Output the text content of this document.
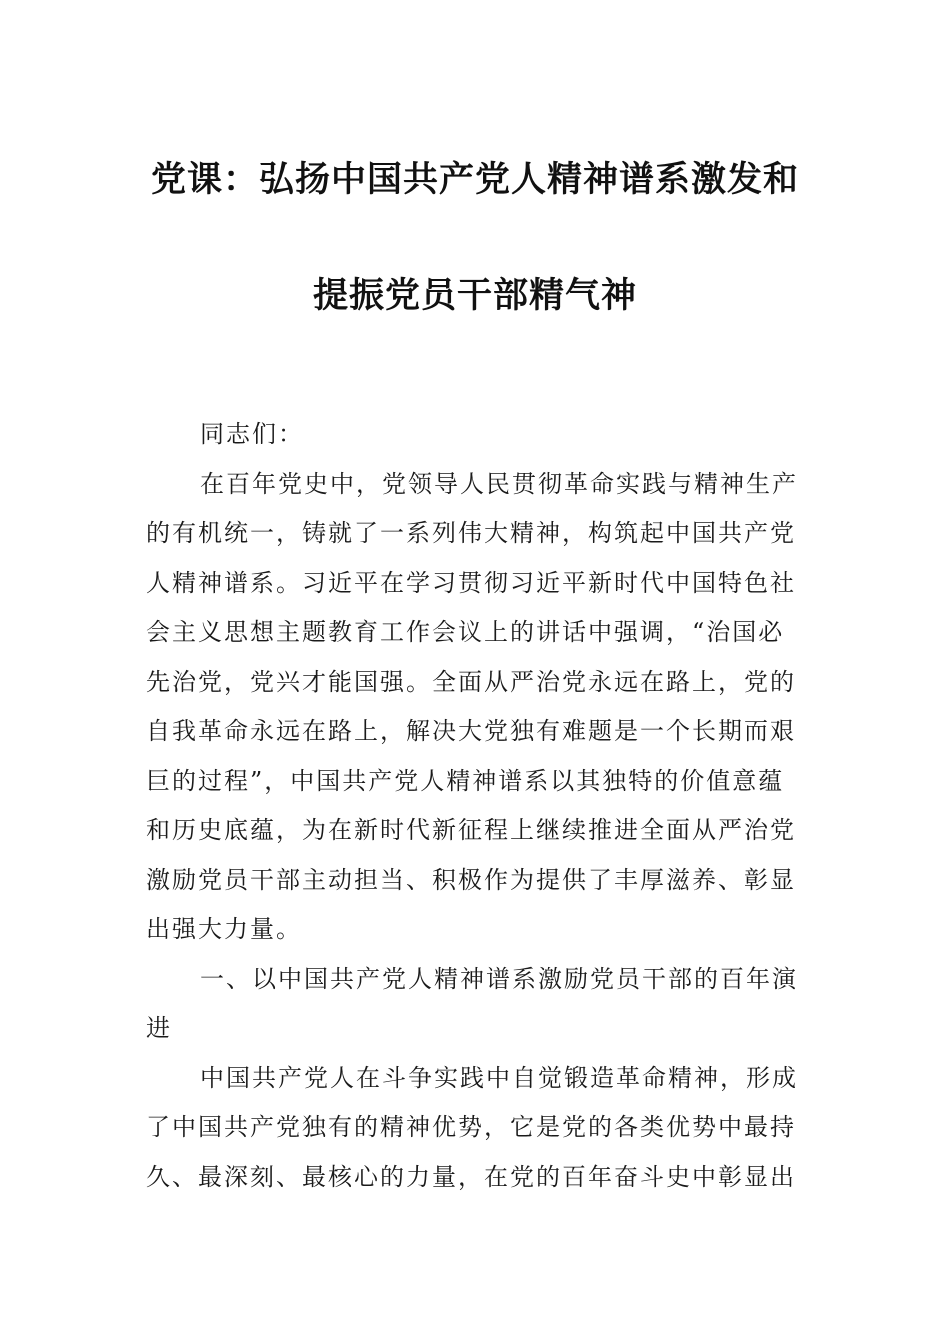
党课：弘扬中国共产党人精神谱系激发和
提振党员干部精气神
同志们：
在百年党史中，党领导人民贯彻革命实践与精神生产
的有机统一，铸就了一系列伟大精神，构筑起中国共产党
人精神谱系。习近平在学习贯彻习近平新时代中国特色社
会主义思想主题教育工作会议上的讲话中强调，“治国必
先治党，党兴才能国强。全面从严治党永远在路上，党的
自我革命永远在路上，解决大党独有难题是一个长期而艰
巨的过程”，中国共产党人精神谱系以其独特的价值意蕴
和历史底蕴，为在新时代新征程上继续推进全面从严治党
激励党员干部主动担当、积极作为提供了丰厚滋养、彰显
出强大力量。
一、以中国共产党人精神谱系激励党员干部的百年演
进
中国共产党人在斗争实践中自觉锻造革命精神，形成
了中国共产党独有的精神优势，它是党的各类优势中最持
久、最深刻、最核心的力量，在党的百年奋斗史中彰显出
